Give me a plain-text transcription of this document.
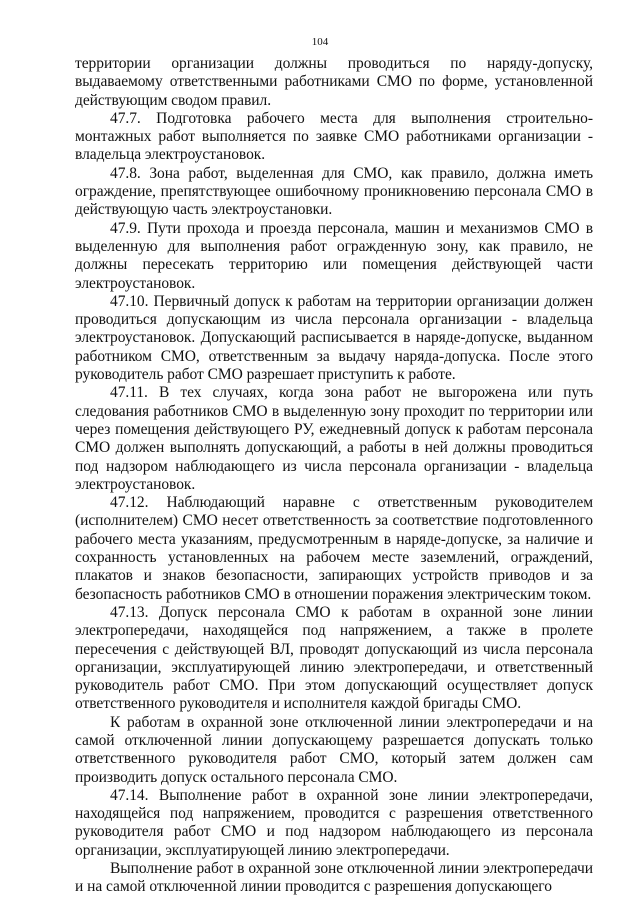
104

территории организации должны проводиться по наряду-допуску, выдаваемому ответственными работниками СМО по форме, установленной действующим сводом правил.

47.7. Подготовка рабочего места для выполнения строительно-монтажных работ выполняется по заявке СМО работниками организации - владельца электроустановок.

47.8. Зона работ, выделенная для СМО, как правило, должна иметь ограждение, препятствующее ошибочному проникновению персонала СМО в действующую часть электроустановки.

47.9. Пути прохода и проезда персонала, машин и механизмов СМО в выделенную для выполнения работ огражденную зону, как правило, не должны пересекать территорию или помещения действующей части электроустановок.

47.10. Первичный допуск к работам на территории организации должен проводиться допускающим из числа персонала организации - владельца электроустановок. Допускающий расписывается в наряде-допуске, выданном работником СМО, ответственным за выдачу наряда-допуска. После этого руководитель работ СМО разрешает приступить к работе.

47.11. В тех случаях, когда зона работ не выгорожена или путь следования работников СМО в выделенную зону проходит по территории или через помещения действующего РУ, ежедневный допуск к работам персонала СМО должен выполнять допускающий, а работы в ней должны проводиться под надзором наблюдающего из числа персонала организации - владельца электроустановок.

47.12. Наблюдающий наравне с ответственным руководителем (исполнителем) СМО несет ответственность за соответствие подготовленного рабочего места указаниям, предусмотренным в наряде-допуске, за наличие и сохранность установленных на рабочем месте заземлений, ограждений, плакатов и знаков безопасности, запирающих устройств приводов и за безопасность работников СМО в отношении поражения электрическим током.

47.13. Допуск персонала СМО к работам в охранной зоне линии электропередачи, находящейся под напряжением, а также в пролете пересечения с действующей ВЛ, проводят допускающий из числа персонала организации, эксплуатирующей линию электропередачи, и ответственный руководитель работ СМО. При этом допускающий осуществляет допуск ответственного руководителя и исполнителя каждой бригады СМО.

К работам в охранной зоне отключенной линии электропередачи и на самой отключенной линии допускающему разрешается допускать только ответственного руководителя работ СМО, который затем должен сам производить допуск остального персонала СМО.

47.14. Выполнение работ в охранной зоне линии электропередачи, находящейся под напряжением, проводится с разрешения ответственного руководителя работ СМО и под надзором наблюдающего из персонала организации, эксплуатирующей линию электропередачи.

Выполнение работ в охранной зоне отключенной линии электропередачи и на самой отключенной линии проводится с разрешения допускающего
